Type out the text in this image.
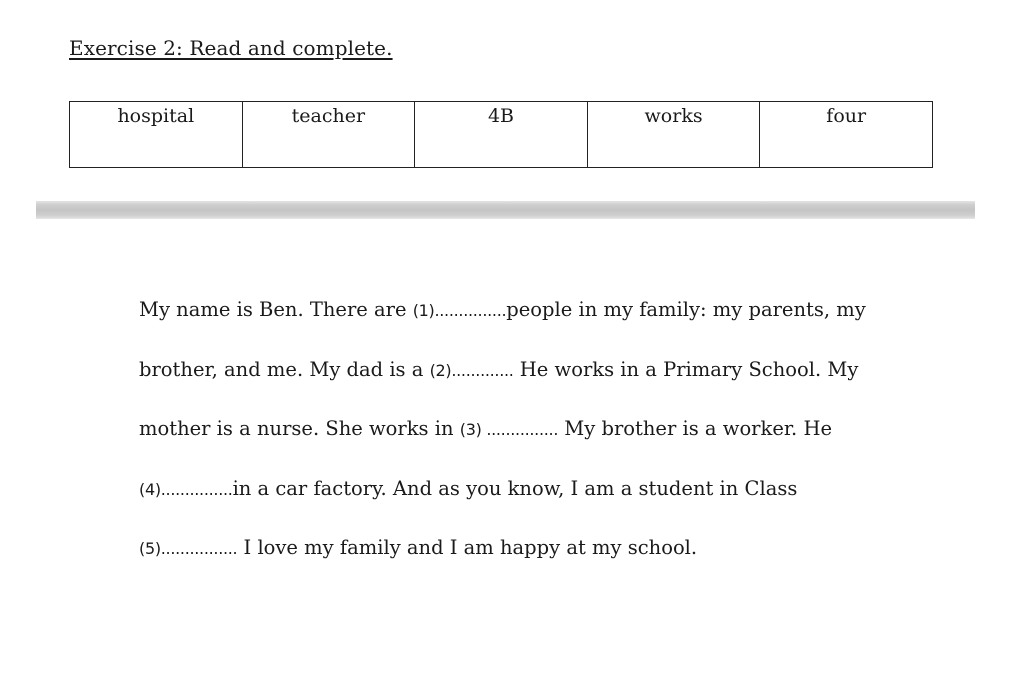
Exercise 2: Read and complete.
hospital	teacher	4B	works	four
My name is Ben. There are (1)...............people in my family: my parents, my
brother, and me. My dad is a (2)............. He works in a Primary School. My
mother is a nurse. She works in (3) ............... My brother is a worker. He
(4)...............in a car factory. And as you know, I am a student in Class
(5)................ I love my family and I am happy at my school.
